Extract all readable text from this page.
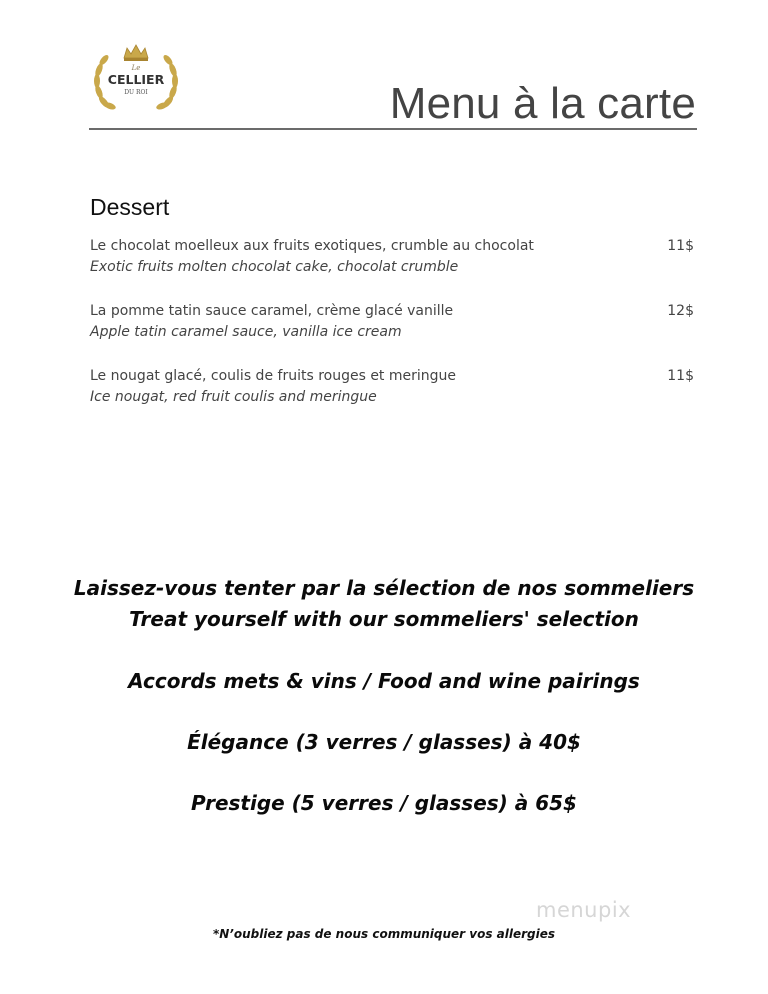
Le
CELLIER
DU ROI	Menu à la carte
Dessert
Le chocolat moelleux aux fruits exotiques, crumble au chocolat	11$
Exotic fruits molten chocolat cake, chocolat crumble
La pomme tatin sauce caramel, crème glacé vanille	12$
Apple tatin caramel sauce, vanilla ice cream
Le nougat glacé, coulis de fruits rouges et meringue	11$
Ice nougat, red fruit coulis and meringue
Laissez-vous tenter par la sélection de nos sommeliers
Treat yourself with our sommeliers' selection
Accords mets & vins / Food and wine pairings
Élégance (3 verres / glasses) à 40$
Prestige (5 verres / glasses) à 65$
menupix
*N’oubliez pas de nous communiquer vos allergies
